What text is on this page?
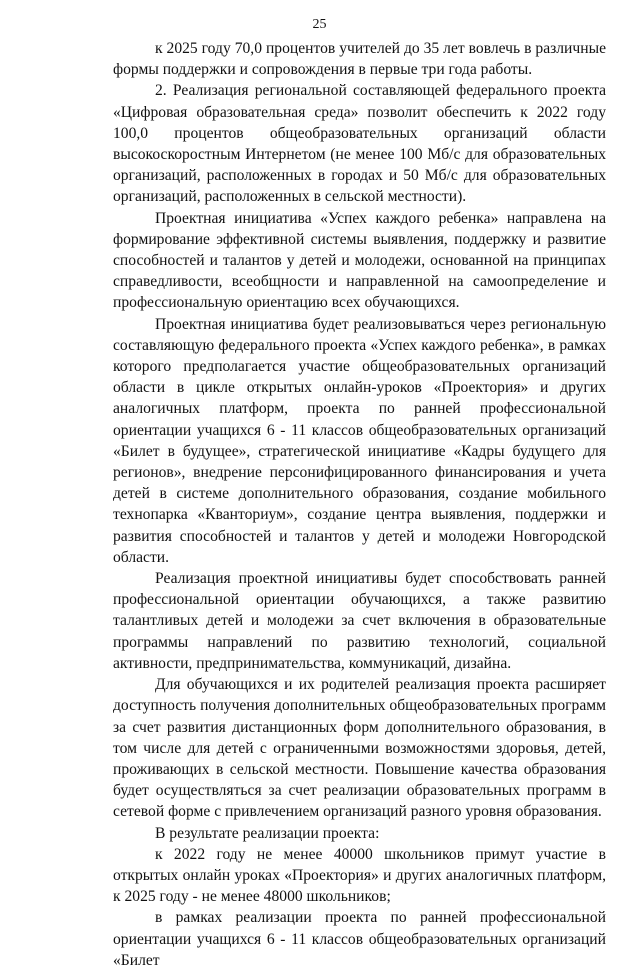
25

к 2025 году 70,0 процентов учителей до 35 лет вовлечь в различные формы поддержки и сопровождения в первые три года работы.

2. Реализация региональной составляющей федерального проекта «Цифровая образовательная среда» позволит обеспечить к 2022 году 100,0 процентов общеобразовательных организаций области высокоскоростным Интернетом (не менее 100 Мб/с для образовательных организаций, расположенных в городах и 50 Мб/с для образовательных организаций, расположенных в сельской местности).

Проектная инициатива «Успех каждого ребенка» направлена на формирование эффективной системы выявления, поддержку и развитие способностей и талантов у детей и молодежи, основанной на принципах справедливости, всеобщности и направленной на самоопределение и профессиональную ориентацию всех обучающихся.

Проектная инициатива будет реализовываться через региональную составляющую федерального проекта «Успех каждого ребенка», в рамках которого предполагается участие общеобразовательных организаций области в цикле открытых онлайн-уроков «Проектория» и других аналогичных платформ, проекта по ранней профессиональной ориентации учащихся 6 - 11 классов общеобразовательных организаций «Билет в будущее», стратегической инициативе «Кадры будущего для регионов», внедрение персонифицированного финансирования и учета детей в системе дополнительного образования, создание мобильного технопарка «Кванториум», создание центра выявления, поддержки и развития способностей и талантов у детей и молодежи Новгородской области.

Реализация проектной инициативы будет способствовать ранней профессиональной ориентации обучающихся, а также развитию талантливых детей и молодежи за счет включения в образовательные программы направлений по развитию технологий, социальной активности, предпринимательства, коммуникаций, дизайна.

Для обучающихся и их родителей реализация проекта расширяет доступность получения дополнительных общеобразовательных программ за счет развития дистанционных форм дополнительного образования, в том числе для детей с ограниченными возможностями здоровья, детей, проживающих в сельской местности. Повышение качества образования будет осуществляться за счет реализации образовательных программ в сетевой форме с привлечением организаций разного уровня образования.

В результате реализации проекта:

к 2022 году не менее 40000 школьников примут участие в открытых онлайн уроках «Проектория» и других аналогичных платформ, к 2025 году - не менее 48000 школьников;

в рамках реализации проекта по ранней профессиональной ориентации учащихся 6 - 11 классов общеобразовательных организаций «Билет
